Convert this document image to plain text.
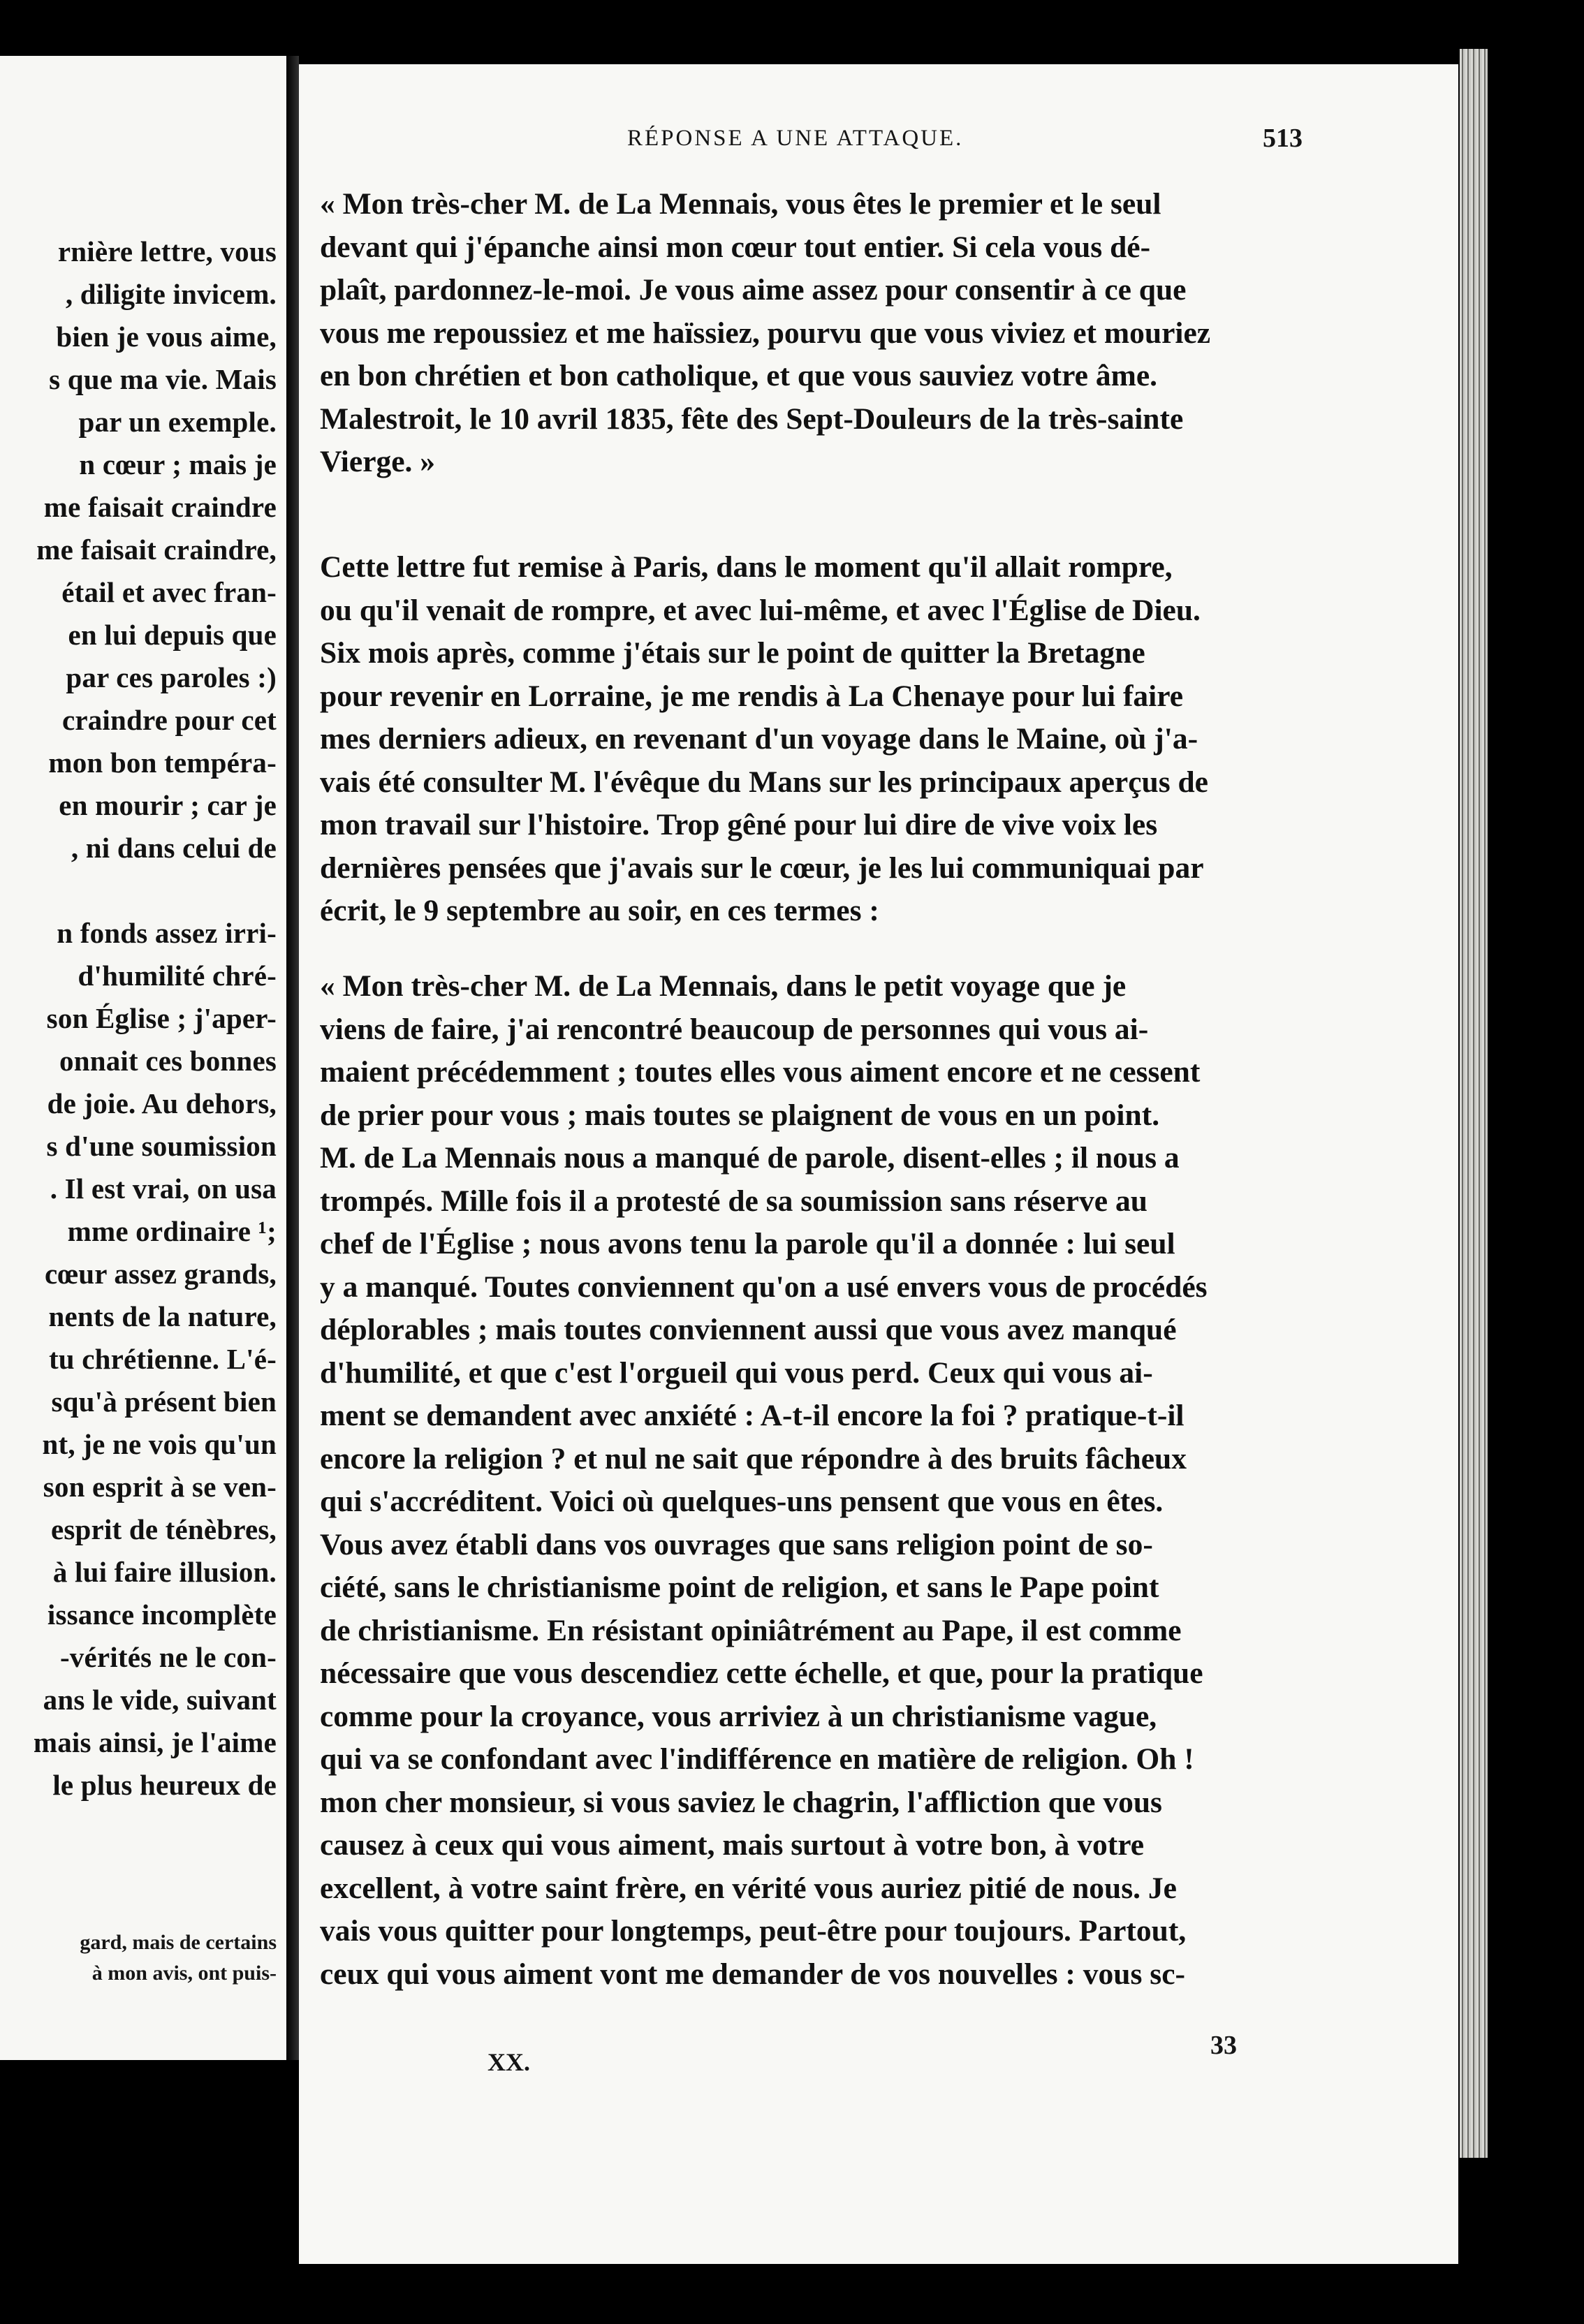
rnière lettre, vous
, diligite invicem.
bien je vous aime,
s que ma vie. Mais
par un exemple.
n cœur ; mais je
me faisait craindre
me faisait craindre,
étail et avec fran-
en lui depuis que
par ces paroles :)
craindre pour cet
mon bon tempéra-
en mourir ; car je
, ni dans celui de
n fonds assez irri-
d'humilité chré-
son Église ; j'aper-
onnait ces bonnes
de joie. Au dehors,
s d'une soumission
. Il est vrai, on usa
mme ordinaire ¹;
cœur assez grands,
nents de la nature,
tu chrétienne. L'é-
squ'à présent bien
nt, je ne vois qu'un
son esprit à se ven-
esprit de ténèbres,
à lui faire illusion.
issance incomplète
-vérités ne le con-
ans le vide, suivant
mais ainsi, je l'aime
le plus heureux de
gard, mais de certains
à mon avis, ont puis-
RÉPONSE A UNE ATTAQUE.	513
« Mon très-cher M. de La Mennais, vous êtes le premier et le seul
devant qui j'épanche ainsi mon cœur tout entier. Si cela vous dé-
plaît, pardonnez-le-moi. Je vous aime assez pour consentir à ce que
vous me repoussiez et me haïssiez, pourvu que vous viviez et mouriez
en bon chrétien et bon catholique, et que vous sauviez votre âme.
Malestroit, le 10 avril 1835, fête des Sept-Douleurs de la très-sainte
Vierge. »
Cette lettre fut remise à Paris, dans le moment qu'il allait rompre,
ou qu'il venait de rompre, et avec lui-même, et avec l'Église de Dieu.
Six mois après, comme j'étais sur le point de quitter la Bretagne
pour revenir en Lorraine, je me rendis à La Chenaye pour lui faire
mes derniers adieux, en revenant d'un voyage dans le Maine, où j'a-
vais été consulter M. l'évêque du Mans sur les principaux aperçus de
mon travail sur l'histoire. Trop gêné pour lui dire de vive voix les
dernières pensées que j'avais sur le cœur, je les lui communiquai par
écrit, le 9 septembre au soir, en ces termes :
« Mon très-cher M. de La Mennais, dans le petit voyage que je
viens de faire, j'ai rencontré beaucoup de personnes qui vous ai-
maient précédemment ; toutes elles vous aiment encore et ne cessent
de prier pour vous ; mais toutes se plaignent de vous en un point.
M. de La Mennais nous a manqué de parole, disent-elles ; il nous a
trompés. Mille fois il a protesté de sa soumission sans réserve au
chef de l'Église ; nous avons tenu la parole qu'il a donnée : lui seul
y a manqué. Toutes conviennent qu'on a usé envers vous de procédés
déplorables ; mais toutes conviennent aussi que vous avez manqué
d'humilité, et que c'est l'orgueil qui vous perd. Ceux qui vous ai-
ment se demandent avec anxiété : A-t-il encore la foi ? pratique-t-il
encore la religion ? et nul ne sait que répondre à des bruits fâcheux
qui s'accréditent. Voici où quelques-uns pensent que vous en êtes.
Vous avez établi dans vos ouvrages que sans religion point de so-
ciété, sans le christianisme point de religion, et sans le Pape point
de christianisme. En résistant opiniâtrément au Pape, il est comme
nécessaire que vous descendiez cette échelle, et que, pour la pratique
comme pour la croyance, vous arriviez à un christianisme vague,
qui va se confondant avec l'indifférence en matière de religion. Oh !
mon cher monsieur, si vous saviez le chagrin, l'affliction que vous
causez à ceux qui vous aiment, mais surtout à votre bon, à votre
excellent, à votre saint frère, en vérité vous auriez pitié de nous. Je
vais vous quitter pour longtemps, peut-être pour toujours. Partout,
ceux qui vous aiment vont me demander de vos nouvelles : vous sc-
XX.
33
